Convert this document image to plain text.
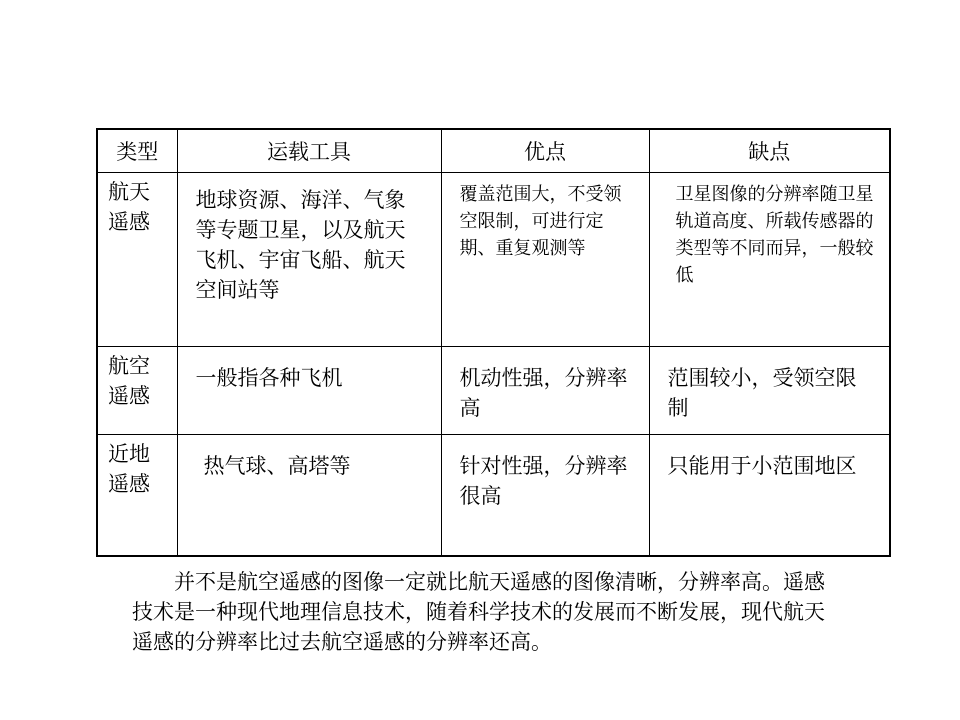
类型	运载工具	优点	缺点

航天遥感	地球资源、海洋、气象等专题卫星，以及航天飞机、宇宙飞船、航天空间站等	覆盖范围大，不受领空限制，可进行定期、重复观测等	卫星图像的分辨率随卫星轨道高度、所载传感器的类型等不同而异，一般较低

航空遥感	一般指各种飞机	机动性强，分辨率高	范围较小，受领空限制

近地遥感	热气球、高塔等	针对性强，分辨率很高	只能用于小范围地区

并不是航空遥感的图像一定就比航天遥感的图像清晰，分辨率高。遥感技术是一种现代地理信息技术，随着科学技术的发展而不断发展，现代航天遥感的分辨率比过去航空遥感的分辨率还高。
